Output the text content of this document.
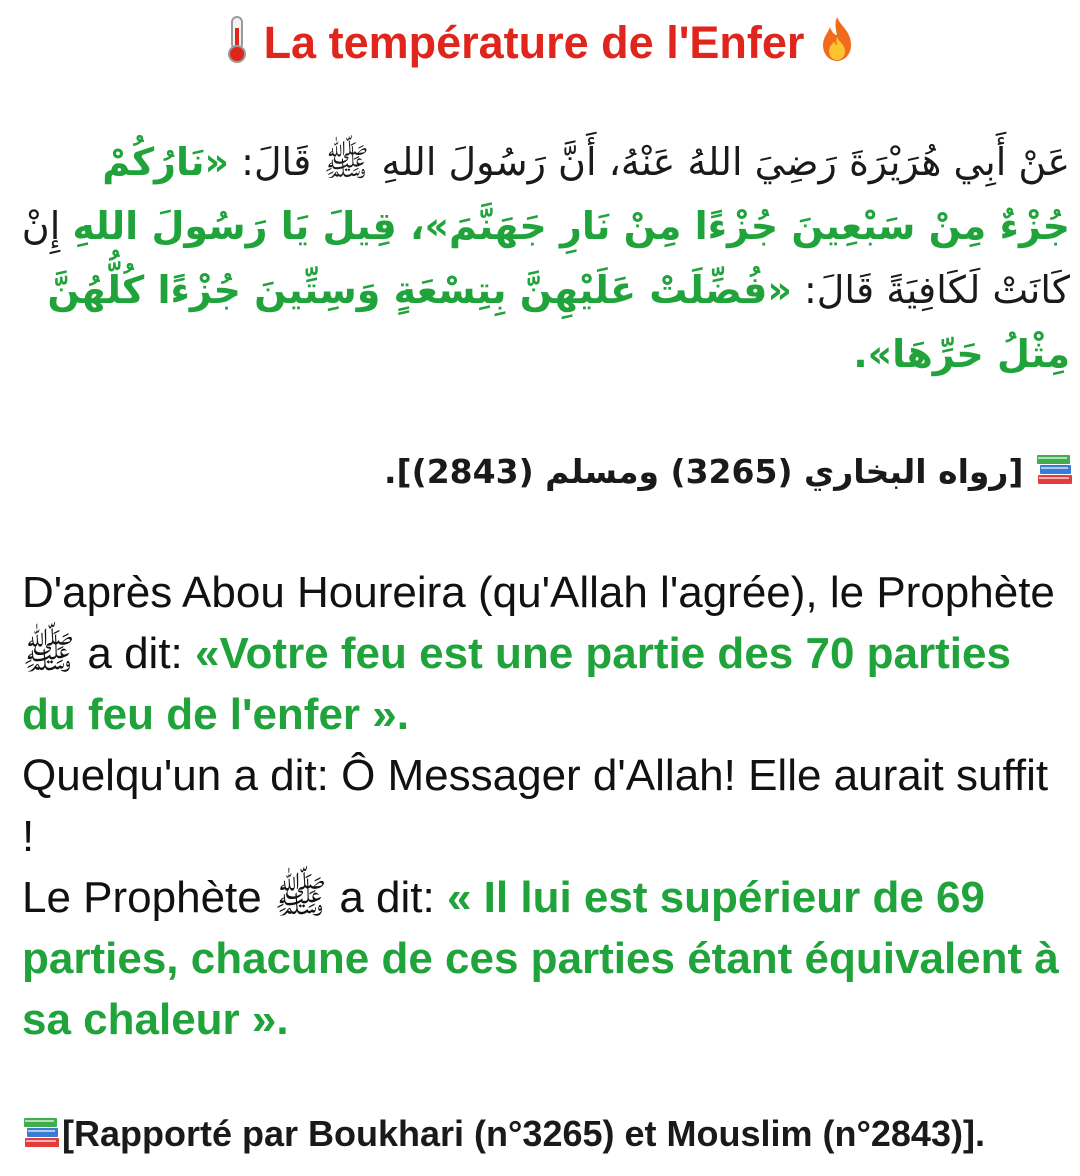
La température de l'Enfer
عَنْ أَبِي هُرَيْرَةَ رَضِيَ اللهُ عَنْهُ، أَنَّ رَسُولَ اللهِ ﷺ قَالَ: «نَارُكُمْ جُزْءٌ مِنْ سَبْعِينَ جُزْءًا مِنْ نَارِ جَهَنَّمَ»، قِيلَ يَا رَسُولَ اللهِ إِنْ كَانَتْ لَكَافِيَةً قَالَ: «فُضِّلَتْ عَلَيْهِنَّ بِتِسْعَةٍ وَسِتِّينَ جُزْءًا كُلُّهُنَّ مِثْلُ حَرِّهَا».
[رواه البخاري (3265) ومسلم (2843)].
D'après Abou Houreira (qu'Allah l'agrée), le Prophète ﷺ a dit: «Votre feu est une partie des 70 parties du feu de l'enfer ».
Quelqu'un a dit: Ô Messager d'Allah! Elle aurait suffit !
Le Prophète ﷺ a dit: « Il lui est supérieur de 69 parties, chacune de ces parties étant équivalent à sa chaleur ».
[Rapporté par Boukhari (n°3265) et Mouslim (n°2843)].
